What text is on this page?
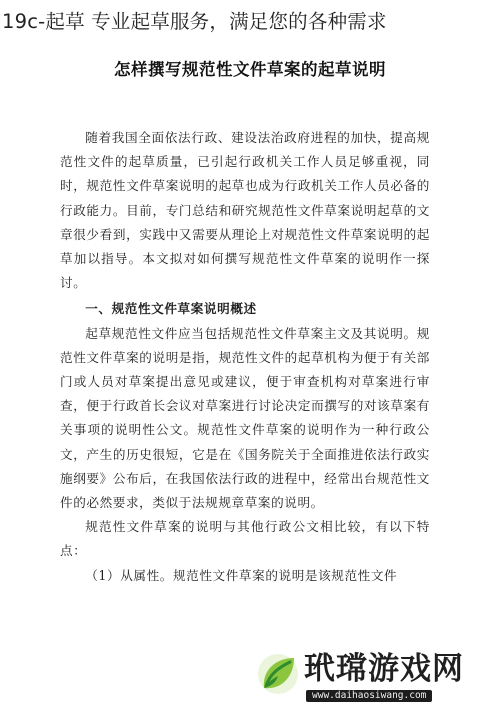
19c-起草 专业起草服务，满足您的各种需求
怎样撰写规范性文件草案的起草说明

随着我国全面依法行政、建设法治政府进程的加快，提高规范性文件的起草质量，已引起行政机关工作人员足够重视，同时，规范性文件草案说明的起草也成为行政机关工作人员必备的行政能力。目前，专门总结和研究规范性文件草案说明起草的文章很少看到，实践中又需要从理论上对规范性文件草案说明的起草加以指导。本文拟对如何撰写规范性文件草案的说明作一探讨。

一、规范性文件草案说明概述

起草规范性文件应当包括规范性文件草案主文及其说明。规范性文件草案的说明是指，规范性文件的起草机构为便于有关部门或人员对草案提出意见或建议，便于审查机构对草案进行审查，便于行政首长会议对草案进行讨论决定而撰写的对该草案有关事项的说明性公文。规范性文件草案的说明作为一种行政公文，产生的历史很短，它是在《国务院关于全面推进依法行政实施纲要》公布后，在我国依法行政的进程中，经常出台规范性文件的必然要求，类似于法规规章草案的说明。

规范性文件草案的说明与其他行政公文相比较，有以下特点：

（1）从属性。规范性文件草案的说明是该规范性文件

玳瑺游戏网
www.daihaosiwang.com
